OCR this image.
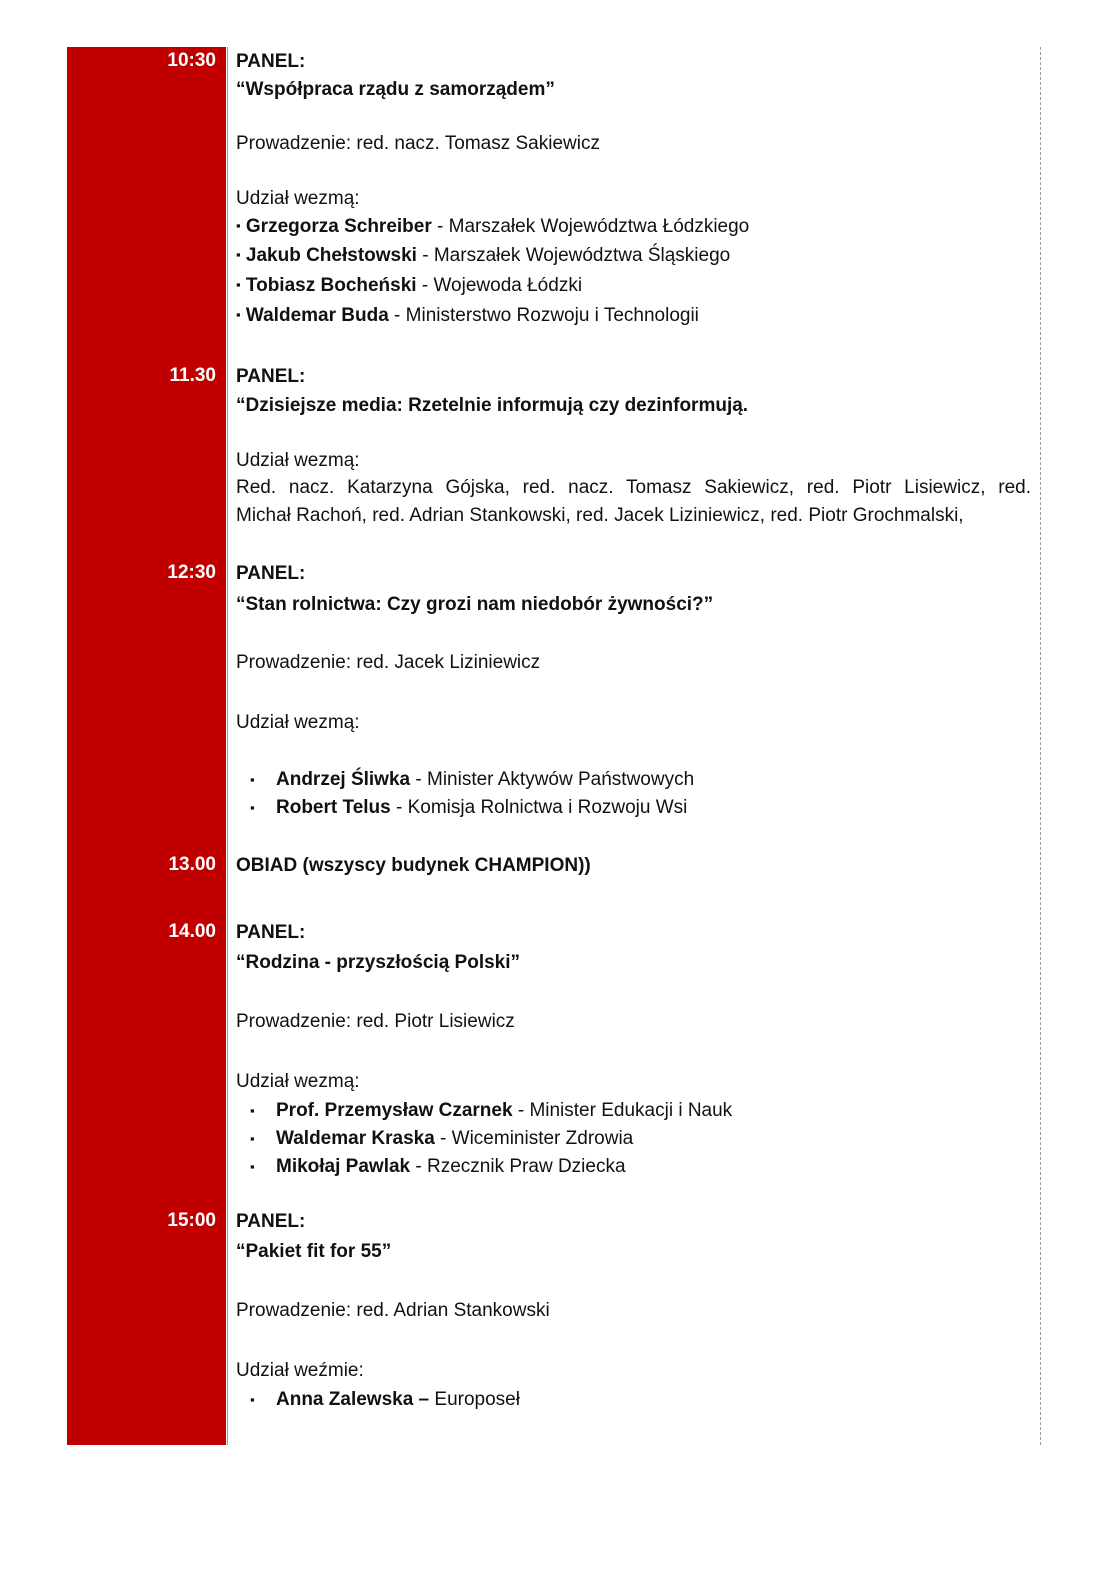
10:30 PANEL:
“Współpraca rządu z samorządem”
Prowadzenie: red. nacz. Tomasz Sakiewicz
Udział wezmą:
▪ Grzegorza Schreiber - Marszałek Województwa Łódzkiego
▪ Jakub Chełstowski - Marszałek Województwa Śląskiego
▪ Tobiasz Bocheński - Wojewoda Łódzki
▪ Waldemar Buda - Ministerstwo Rozwoju i Technologii
11.30 PANEL:
“Dzisiejsze media: Rzetelnie informują czy dezinformują.
Udział wezmą:
Red. nacz. Katarzyna Gójska, red. nacz. Tomasz Sakiewicz, red. Piotr Lisiewicz, red.
Michał Rachoń, red. Adrian Stankowski, red. Jacek Liziniewicz, red. Piotr Grochmalski,
12:30 PANEL:
“Stan rolnictwa: Czy grozi nam niedobór żywności?”
Prowadzenie: red. Jacek Liziniewicz
Udział wezmą:
▪ Andrzej Śliwka - Minister Aktywów Państwowych
▪ Robert Telus - Komisja Rolnictwa i Rozwoju Wsi
13.00 OBIAD (wszyscy budynek CHAMPION))
14.00 PANEL:
“Rodzina - przyszłością Polski”
Prowadzenie: red. Piotr Lisiewicz
Udział wezmą:
▪ Prof. Przemysław Czarnek - Minister Edukacji i Nauk
▪ Waldemar Kraska - Wiceminister Zdrowia
▪ Mikołaj Pawlak - Rzecznik Praw Dziecka
15:00 PANEL:
“Pakiet fit for 55”
Prowadzenie: red. Adrian Stankowski
Udział weźmie:
▪ Anna Zalewska – Europoseł
